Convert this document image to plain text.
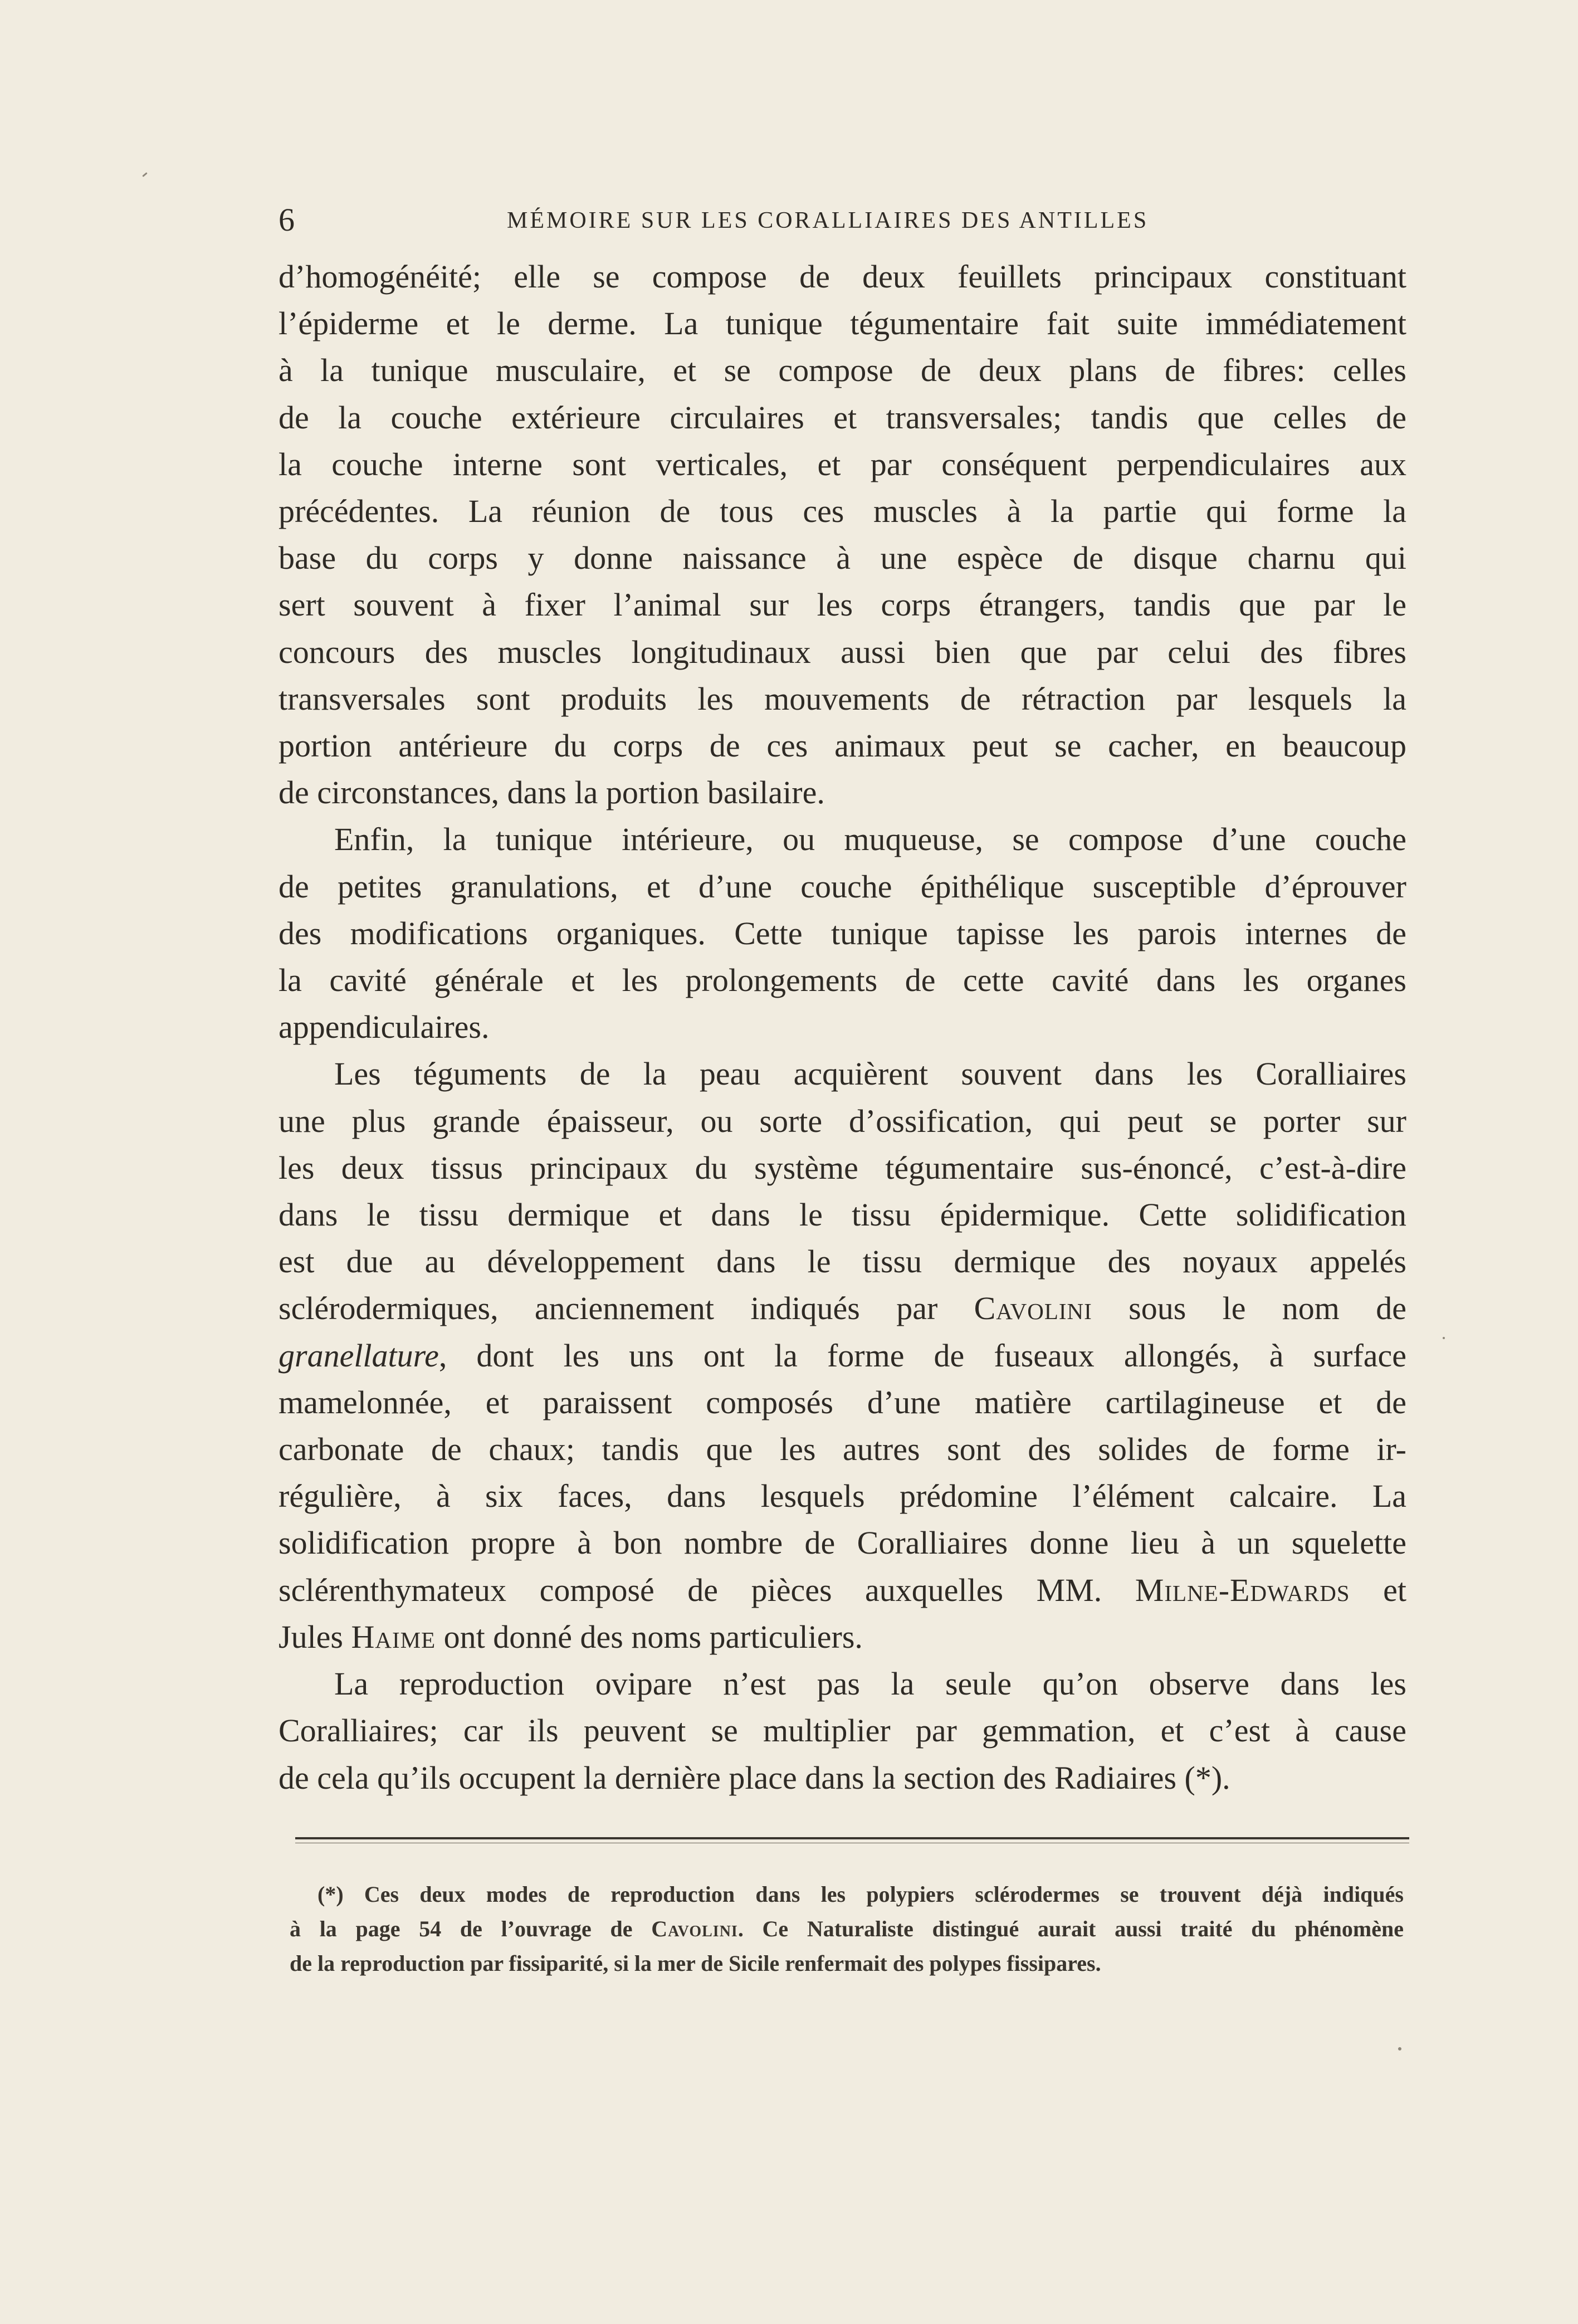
6	MÉMOIRE SUR LES CORALLIAIRES DES ANTILLES

d’homogénéité; elle se compose de deux feuillets principaux constituant
l’épiderme et le derme. La tunique tégumentaire fait suite immédiatement
à la tunique musculaire, et se compose de deux plans de fibres: celles
de la couche extérieure circulaires et transversales; tandis que celles de
la couche interne sont verticales, et par conséquent perpendiculaires aux
précédentes. La réunion de tous ces muscles à la partie qui forme la
base du corps y donne naissance à une espèce de disque charnu qui
sert souvent à fixer l’animal sur les corps étrangers, tandis que par le
concours des muscles longitudinaux aussi bien que par celui des fibres
transversales sont produits les mouvements de rétraction par lesquels la
portion antérieure du corps de ces animaux peut se cacher, en beaucoup
de circonstances, dans la portion basilaire.

Enfin, la tunique intérieure, ou muqueuse, se compose d’une couche
de petites granulations, et d’une couche épithélique susceptible d’éprouver
des modifications organiques. Cette tunique tapisse les parois internes de
la cavité générale et les prolongements de cette cavité dans les organes
appendiculaires.

Les téguments de la peau acquièrent souvent dans les Coralliaires
une plus grande épaisseur, ou sorte d’ossification, qui peut se porter sur
les deux tissus principaux du système tégumentaire sus-énoncé, c’est-à-dire
dans le tissu dermique et dans le tissu épidermique. Cette solidification
est due au développement dans le tissu dermique des noyaux appelés
sclérodermiques, anciennement indiqués par Cavolini sous le nom de
granellature, dont les uns ont la forme de fuseaux allongés, à surface
mamelonnée, et paraissent composés d’une matière cartilagineuse et de
carbonate de chaux; tandis que les autres sont des solides de forme ir-
régulière, à six faces, dans lesquels prédomine l’élément calcaire. La
solidification propre à bon nombre de Coralliaires donne lieu à un squelette
sclérenthymateux composé de pièces auxquelles MM. Milne-Edwards et
Jules Haime ont donné des noms particuliers.

La reproduction ovipare n’est pas la seule qu’on observe dans les
Coralliaires; car ils peuvent se multiplier par gemmation, et c’est à cause
de cela qu’ils occupent la dernière place dans la section des Radiaires (*).

(*) Ces deux modes de reproduction dans les polypiers sclérodermes se trouvent déjà indiqués
à la page 54 de l’ouvrage de Cavolini. Ce Naturaliste distingué aurait aussi traité du phénomène
de la reproduction par fissiparité, si la mer de Sicile renfermait des polypes fissipares.
